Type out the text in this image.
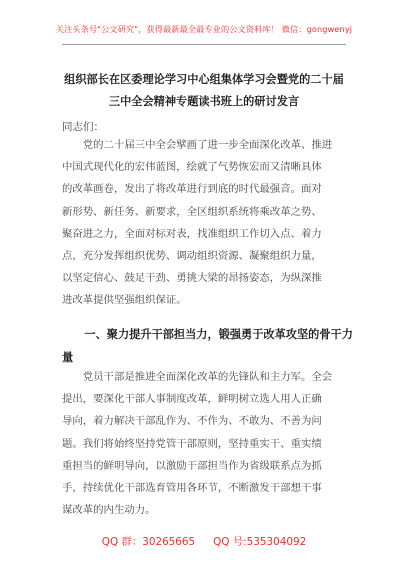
关注头条号"公文研究"，获得最新最全最专业的公文资料库！ 微信：gongwenyj
组织部长在区委理论学习中心组集体学习会暨党的二十届
三中全会精神专题读书班上的研讨发言
同志们：
　　党的二十届三中全会擘画了进一步全面深化改革、推进
中国式现代化的宏伟蓝图，绘就了气势恢宏而又清晰具体
的改革画卷，发出了将改革进行到底的时代最强音。面对
新形势、新任务、新要求，全区组织系统将乘改革之势、
聚奋进之力，全面对标对表，找准组织工作切入点、着力
点，充分发挥组织优势、调动组织资源、凝聚组织力量，
以坚定信心、鼓足干劲、勇挑大梁的昂扬姿态，为纵深推
进改革提供坚强组织保证。
　　一、聚力提升干部担当力，锻强勇于改革攻坚的骨干力
量
　　党员干部是推进全面深化改革的先锋队和主力军。全会
提出，要深化干部人事制度改革，鲜明树立选人用人正确
导向，着力解决干部乱作为、不作为、不敢为、不善为问
题。我们将始终坚持党管干部原则，坚持重实干、重实绩
重担当的鲜明导向，以激励干部担当作为省级联系点为抓
手，持续优化干部选育管用各环节，不断激发干部想干事
谋改革的内生动力。
QQ 群：30265665 QQ 号:535304092
